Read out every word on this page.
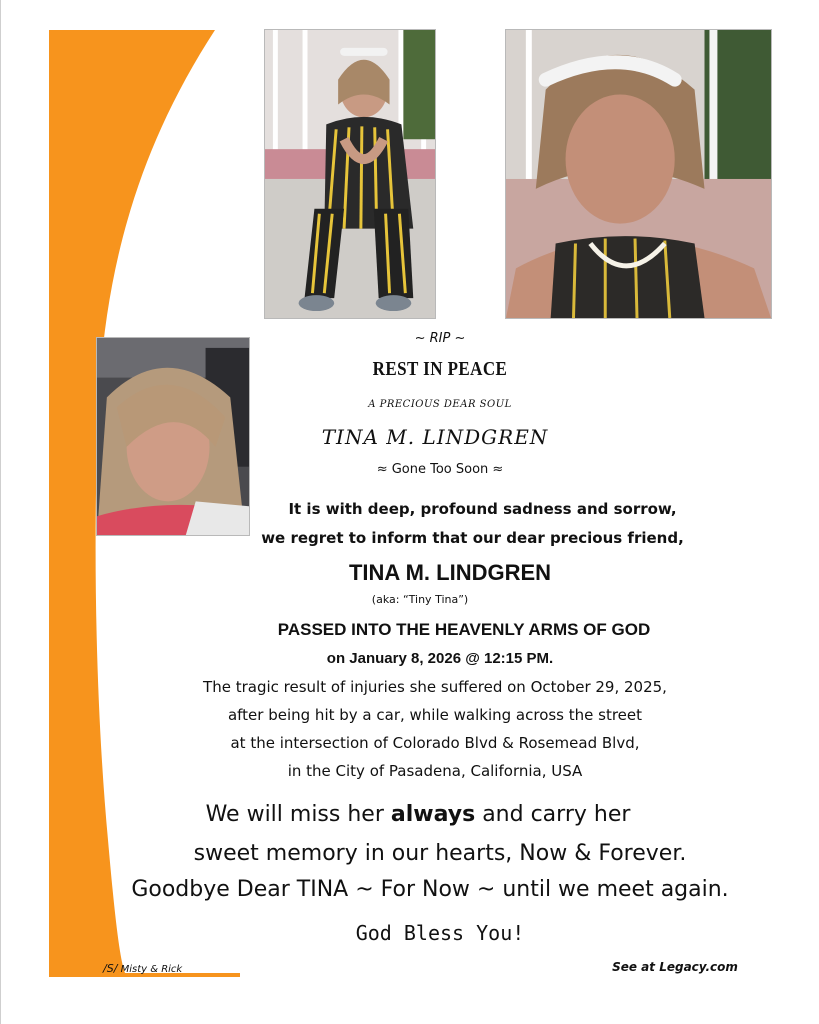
~ RIP ~
REST IN PEACE
A PRECIOUS DEAR SOUL
TINA M. LINDGREN
≈ Gone Too Soon ≈
It is with deep, profound sadness and sorrow,
we regret to inform that our dear precious friend,
TINA M. LINDGREN
(aka: “Tiny Tina”)
PASSED INTO THE HEAVENLY ARMS OF GOD
on January 8, 2026 @ 12:15 PM.
The tragic result of injuries she suffered on October 29, 2025,
after being hit by a car, while walking across the street
at the intersection of Colorado Blvd & Rosemead Blvd,
in the City of Pasadena, California, USA
We will miss her always and carry her
sweet memory in our hearts, Now & Forever.
Goodbye Dear TINA ~ For Now ~ until we meet again.
God Bless You!
/S/ Misty & Rick	See at Legacy.com
